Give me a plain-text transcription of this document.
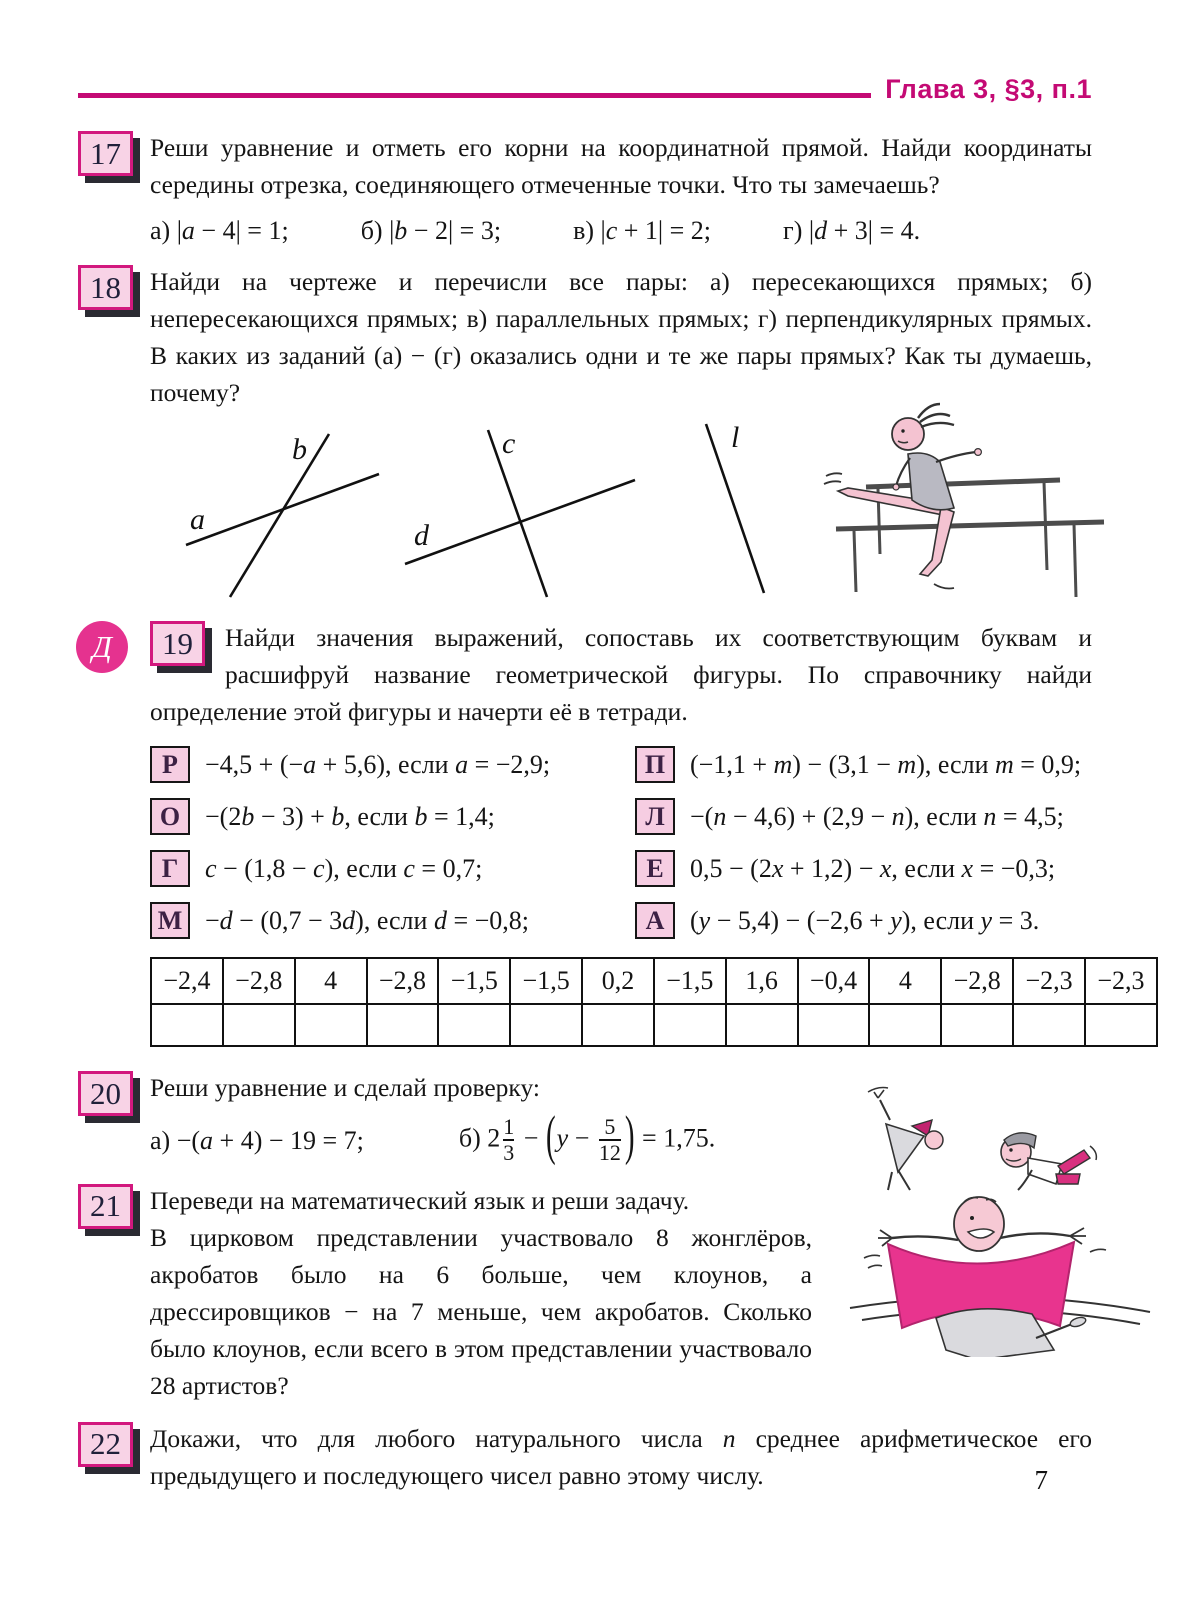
Глава 3, §3, п.1
17	Реши уравнение и отметь его корни на координатной прямой. Найди координаты середины отрезка, соединяющего отмеченные точки. Что ты замечаешь?
а) |a − 4| = 1;	б) |b − 2| = 3;	в) |c + 1| = 2;	г) |d + 3| = 4.
18	Найди на чертеже и перечисли все пары: а) пересекающихся прямых; б) непересекающихся прямых; в) параллельных прямых; г) перпендикулярных прямых. В каких из заданий (а) − (г) оказались одни и те же пары прямых? Как ты думаешь, почему?
a
b	c
d
l
Д	19	Найди значения выражений, сопоставь их соответствующим буквам и расшифруй название геометрической фигуры. По справочнику найди определение этой фигуры и начерти её в тетради.
Р	−4,5 + (−a + 5,6), если a = −2,9;	П (−1,1 + m) − (3,1 − m), если m = 0,9;
О −(2b − 3) + b, если b = 1,4;	Л −(n − 4,6) + (2,9 − n), если n = 4,5;
Г	c − (1,8 − c), если c = 0,7;	Е	0,5 − (2x + 1,2) − x, если x = −0,3;
М −d − (0,7 − 3d), если d = −0,8;	А (y − 5,4) − (−2,6 + y), если y = 3.
−2,4	−2,8	4	−2,8	−1,5	−1,5	0,2	−1,5	1,6	−0,4	4	−2,8	−2,3	−2,3

20	Реши уравнение и сделай проверку:
а) −(a + 4) − 19 = 7;	б) $2 \frac{1}{3} - (y - \frac{5}{12}$ ) = 1,75.
21	Переведи на математический язык и реши задачу.
В цирковом представлении участвовало 8 жонглёров, акробатов было на 6 больше, чем клоунов, а дрессировщиков − на 7 меньше, чем акробатов. Сколько было клоунов, если всего в этом представлении участвовало 28 артистов?
22	Докажи, что для любого натурального числа n среднее арифметическое его предыдущего и последующего чисел равно этому числу.	7
